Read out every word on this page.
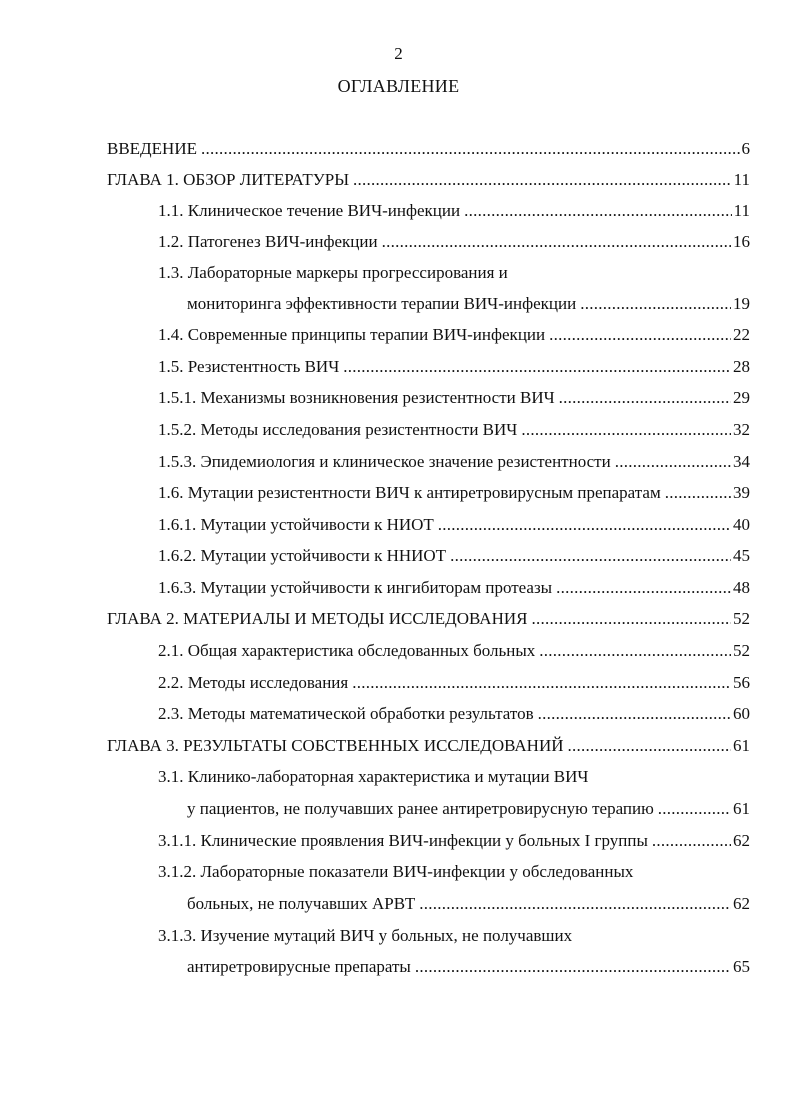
2
ОГЛАВЛЕНИЕ
ВВЕДЕНИЕ . . .	6
ГЛАВА 1. ОБЗОР ЛИТЕРАТУРЫ . . .	11
1.1. Клиническое течение ВИЧ-инфекции . . .	11
1.2. Патогенез ВИЧ-инфекции . . .	16
1.3. Лабораторные маркеры прогрессирования и
мониторинга эффективности терапии ВИЧ-инфекции . . .	19
1.4. Современные принципы терапии ВИЧ-инфекции . . .	22
1.5. Резистентность ВИЧ . . .	28
1.5.1. Механизмы возникновения резистентности ВИЧ . . .	29
1.5.2. Методы исследования резистентности ВИЧ . . .	32
1.5.3. Эпидемиология и клиническое значение резистентности . . .	34
1.6. Мутации резистентности ВИЧ к антиретровирусным препаратам . . .	39
1.6.1. Мутации устойчивости к НИОТ . . .	40
1.6.2. Мутации устойчивости к ННИОТ . . .	45
1.6.3. Мутации устойчивости к ингибиторам протеазы . . .	48
ГЛАВА 2. МАТЕРИАЛЫ И МЕТОДЫ ИССЛЕДОВАНИЯ . . .	52
2.1. Общая характеристика обследованных больных . . .	52
2.2. Методы исследования . . .	56
2.3. Методы математической обработки результатов . . .	60
ГЛАВА 3. РЕЗУЛЬТАТЫ СОБСТВЕННЫХ ИССЛЕДОВАНИЙ . . .	61
3.1. Клинико-лабораторная характеристика и мутации ВИЧ
у пациентов, не получавших ранее антиретровирусную терапию . . .	61
3.1.1. Клинические проявления ВИЧ-инфекции у больных I группы . . .	62
3.1.2. Лабораторные показатели ВИЧ-инфекции у обследованных
больных, не получавших АРВТ . . .	62
3.1.3. Изучение мутаций ВИЧ у больных, не получавших
антиретровирусные препараты . . .	65
